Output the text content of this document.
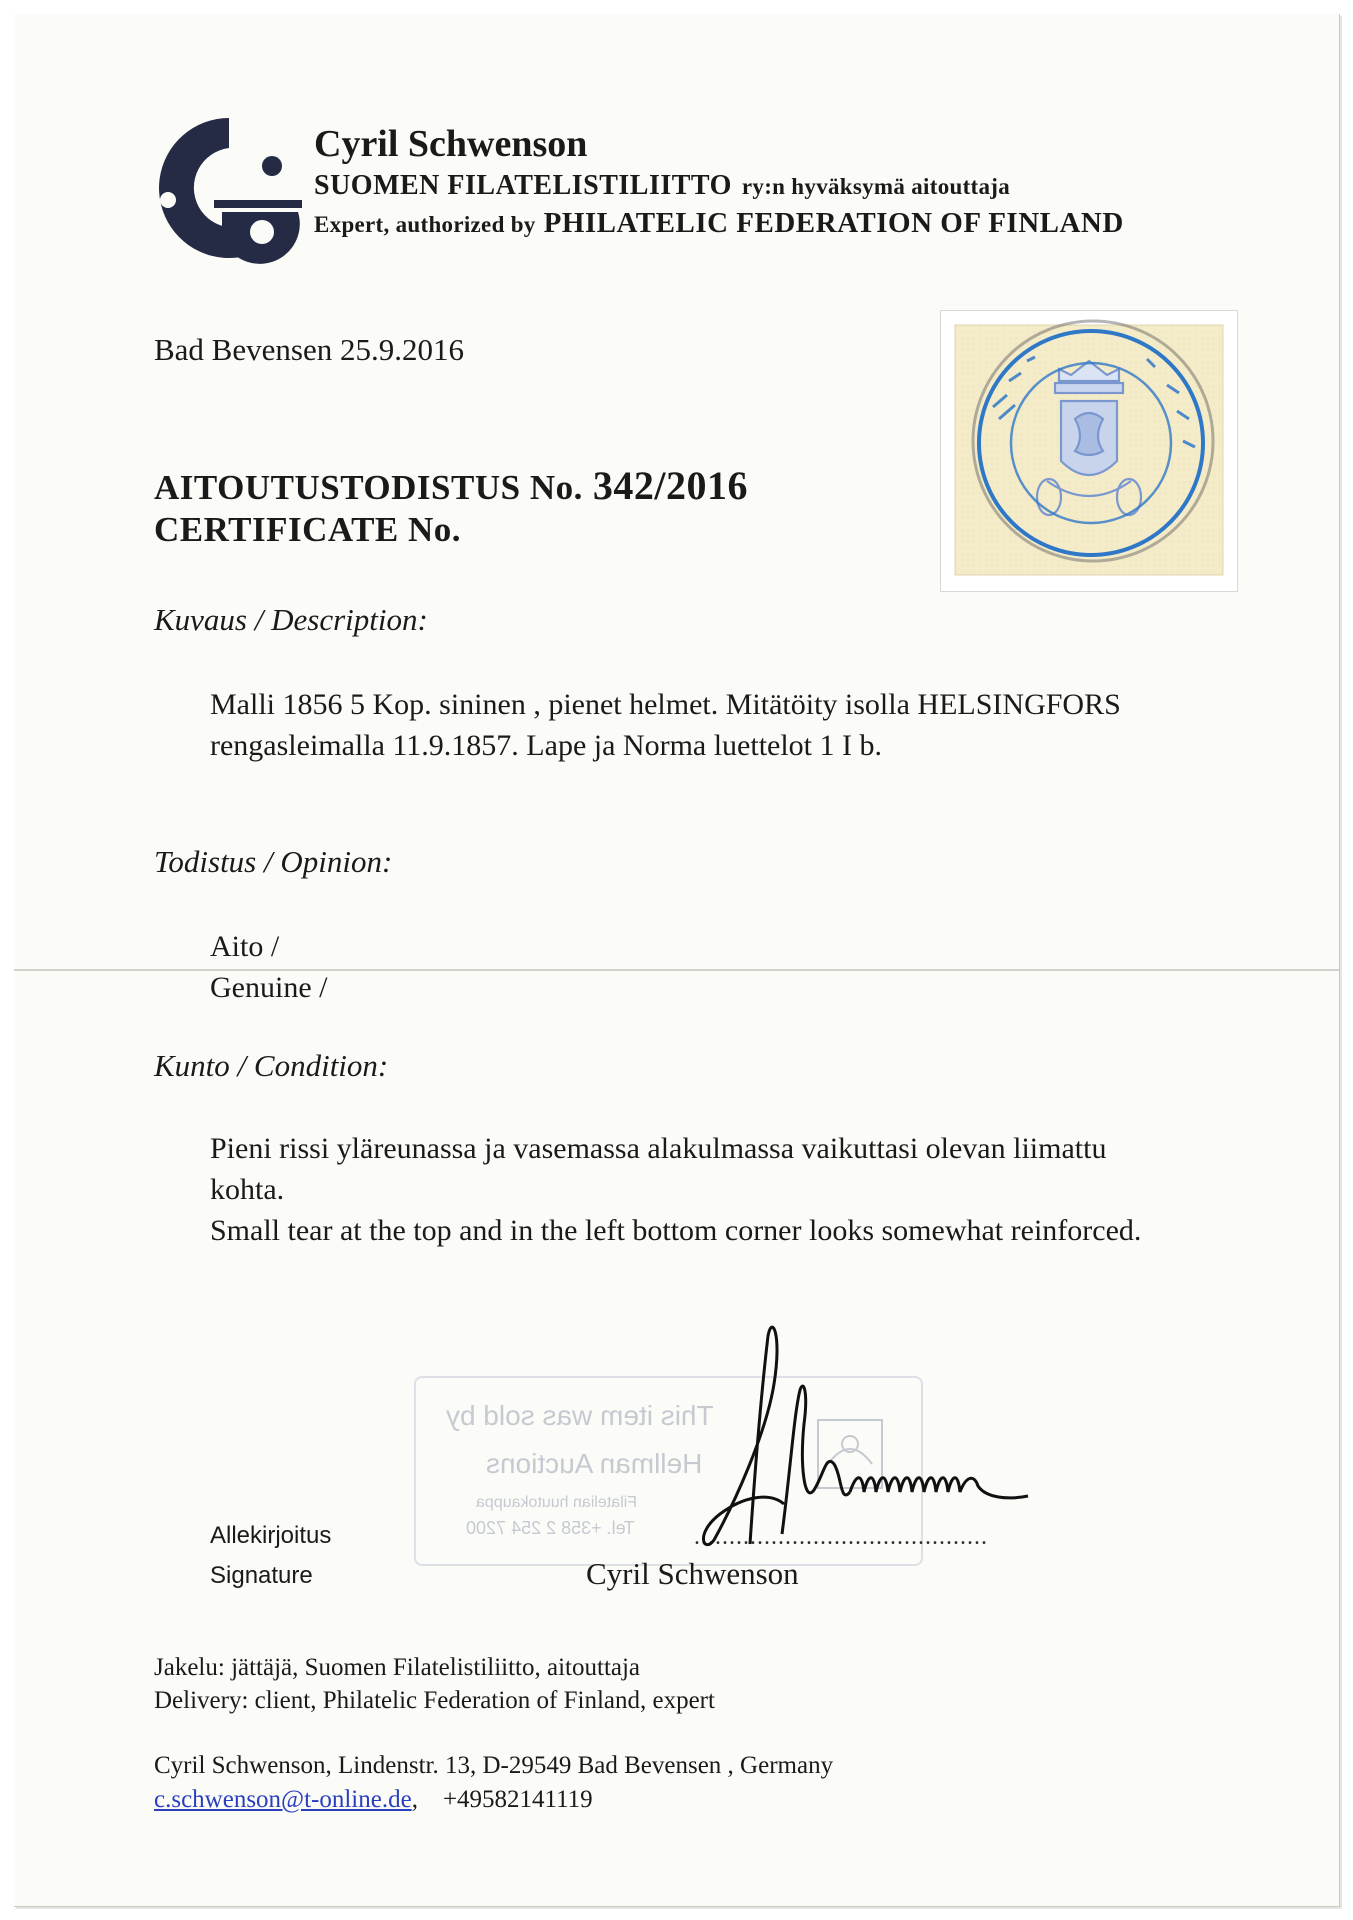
Cyril Schwenson
SUOMEN FILATELISTILIITTO ry:n hyväksymä aitouttaja
Expert, authorized by PHILATELIC FEDERATION OF FINLAND
Bad Bevensen 25.9.2016
AITOUTUSTODISTUS No. 342/2016
CERTIFICATE No.
Kuvaus / Description:
Malli 1856 5 Kop. sininen , pienet helmet. Mitätöity isolla HELSINGFORS
rengasleimalla 11.9.1857. Lape ja Norma luettelot 1 I b.
Todistus / Opinion:
Aito /
Genuine /
Kunto / Condition:
Pieni rissi yläreunassa ja vasemassa alakulmassa vaikuttasi olevan liimattu
kohta.
Small tear at the top and in the left bottom corner looks somewhat reinforced.
This item was sold by
Hellman Auctions
Filatelian huutokauppa
Tel. +358 2 254 7200
Allekirjoitus
Signature
..........................................
Cyril Schwenson
Jakelu: jättäjä, Suomen Filatelistiliitto, aitouttaja
Delivery: client, Philatelic Federation of Finland, expert
Cyril Schwenson, Lindenstr. 13, D-29549 Bad Bevensen , Germany
c.schwenson@t-online.de,    +49582141119
